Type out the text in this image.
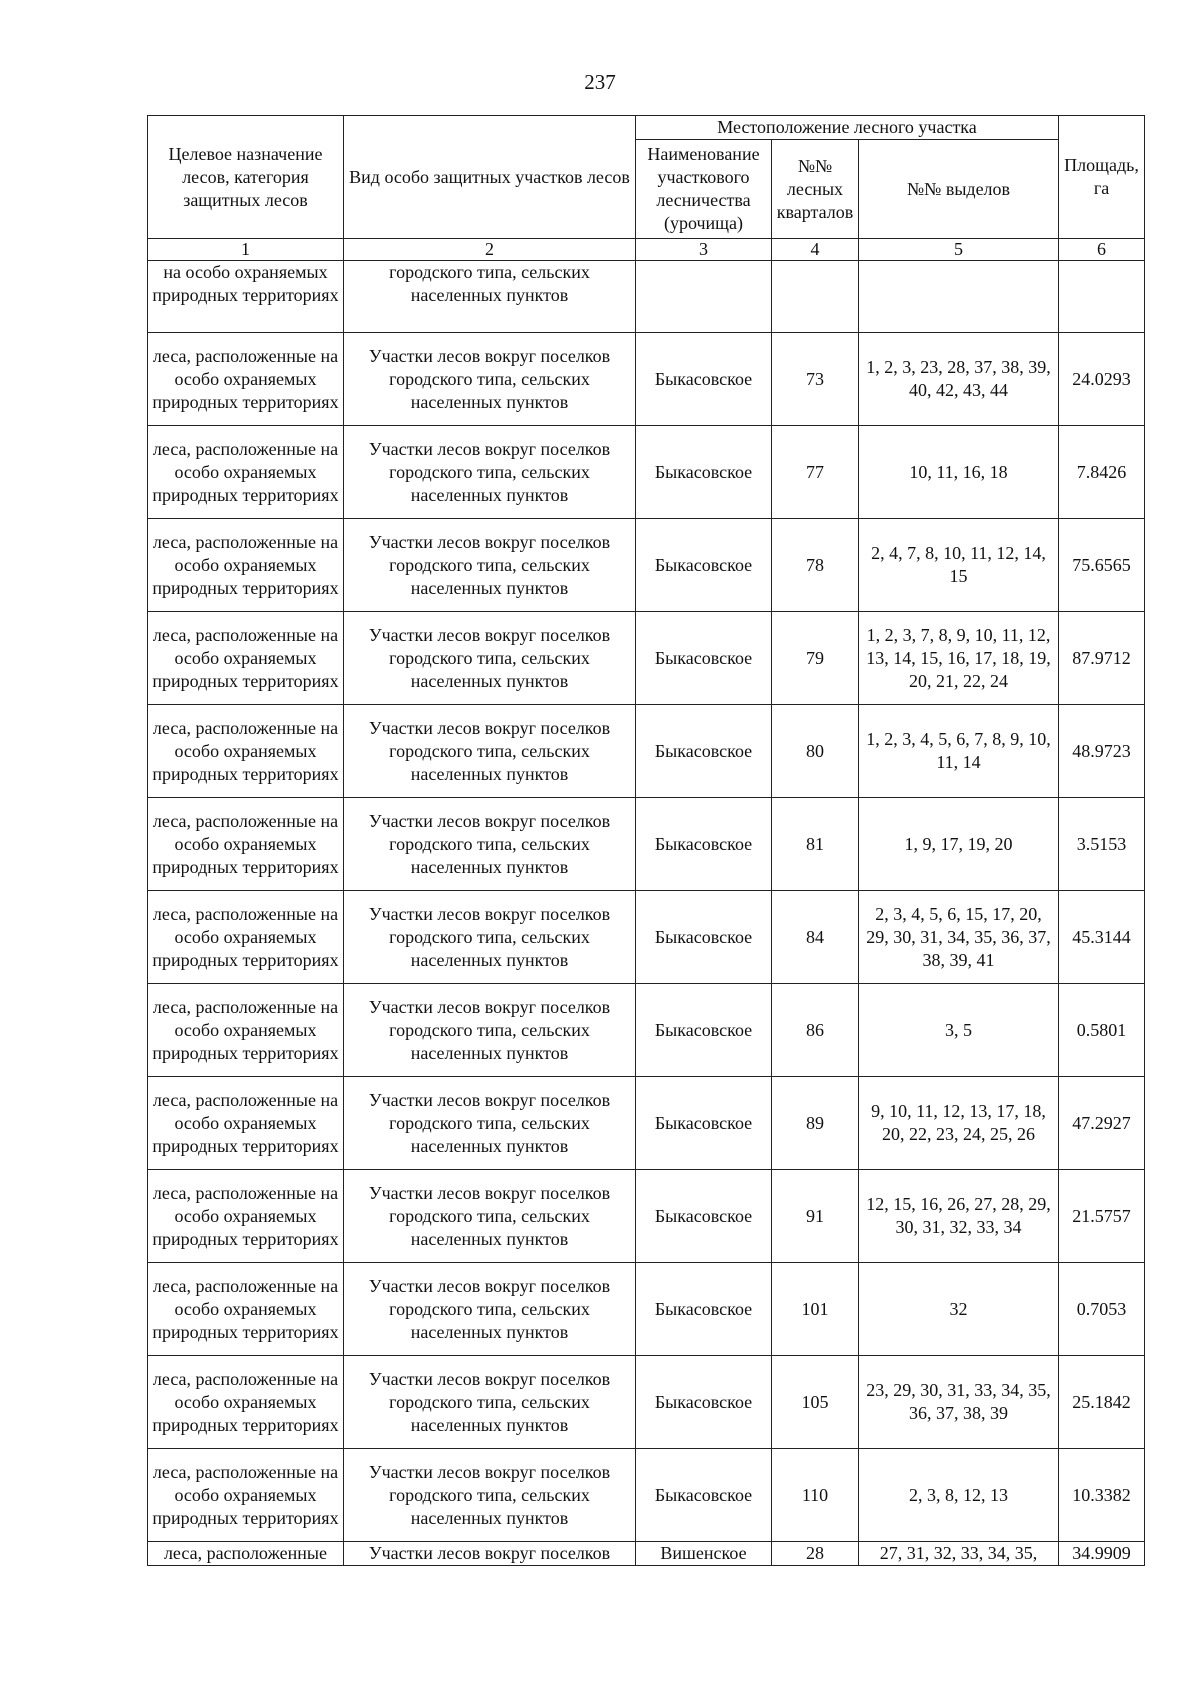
237
Целевое назначение лесов, категория защитных лесов	Вид особо защитных участков лесов	Местоположение лесного участка			Площадь, га
		Наименование участкового лесничества (урочища)	№№ лесных кварталов	№№ выделов	
1	2	3	4	5	6
на особо охраняемых природных территориях	городского типа, сельских населенных пунктов				
леса, расположенные на особо охраняемых природных территориях	Участки лесов вокруг поселков городского типа, сельских населенных пунктов	Быкасовское	73	1, 2, 3, 23, 28, 37, 38, 39, 40, 42, 43, 44	24.0293
леса, расположенные на особо охраняемых природных территориях	Участки лесов вокруг поселков городского типа, сельских населенных пунктов	Быкасовское	77	10, 11, 16, 18	7.8426
леса, расположенные на особо охраняемых природных территориях	Участки лесов вокруг поселков городского типа, сельских населенных пунктов	Быкасовское	78	2, 4, 7, 8, 10, 11, 12, 14, 15	75.6565
леса, расположенные на особо охраняемых природных территориях	Участки лесов вокруг поселков городского типа, сельских населенных пунктов	Быкасовское	79	1, 2, 3, 7, 8, 9, 10, 11, 12, 13, 14, 15, 16, 17, 18, 19, 20, 21, 22, 24	87.9712
леса, расположенные на особо охраняемых природных территориях	Участки лесов вокруг поселков городского типа, сельских населенных пунктов	Быкасовское	80	1, 2, 3, 4, 5, 6, 7, 8, 9, 10, 11, 14	48.9723
леса, расположенные на особо охраняемых природных территориях	Участки лесов вокруг поселков городского типа, сельских населенных пунктов	Быкасовское	81	1, 9, 17, 19, 20	3.5153
леса, расположенные на особо охраняемых природных территориях	Участки лесов вокруг поселков городского типа, сельских населенных пунктов	Быкасовское	84	2, 3, 4, 5, 6, 15, 17, 20, 29, 30, 31, 34, 35, 36, 37, 38, 39, 41	45.3144
леса, расположенные на особо охраняемых природных территориях	Участки лесов вокруг поселков городского типа, сельских населенных пунктов	Быкасовское	86	3, 5	0.5801
леса, расположенные на особо охраняемых природных территориях	Участки лесов вокруг поселков городского типа, сельских населенных пунктов	Быкасовское	89	9, 10, 11, 12, 13, 17, 18, 20, 22, 23, 24, 25, 26	47.2927
леса, расположенные на особо охраняемых природных территориях	Участки лесов вокруг поселков городского типа, сельских населенных пунктов	Быкасовское	91	12, 15, 16, 26, 27, 28, 29, 30, 31, 32, 33, 34	21.5757
леса, расположенные на особо охраняемых природных территориях	Участки лесов вокруг поселков городского типа, сельских населенных пунктов	Быкасовское	101	32	0.7053
леса, расположенные на особо охраняемых природных территориях	Участки лесов вокруг поселков городского типа, сельских населенных пунктов	Быкасовское	105	23, 29, 30, 31, 33, 34, 35, 36, 37, 38, 39	25.1842
леса, расположенные на особо охраняемых природных территориях	Участки лесов вокруг поселков городского типа, сельских населенных пунктов	Быкасовское	110	2, 3, 8, 12, 13	10.3382
леса, расположенные	Участки лесов вокруг поселков	Вишенское	28	27, 31, 32, 33, 34, 35,	34.9909
